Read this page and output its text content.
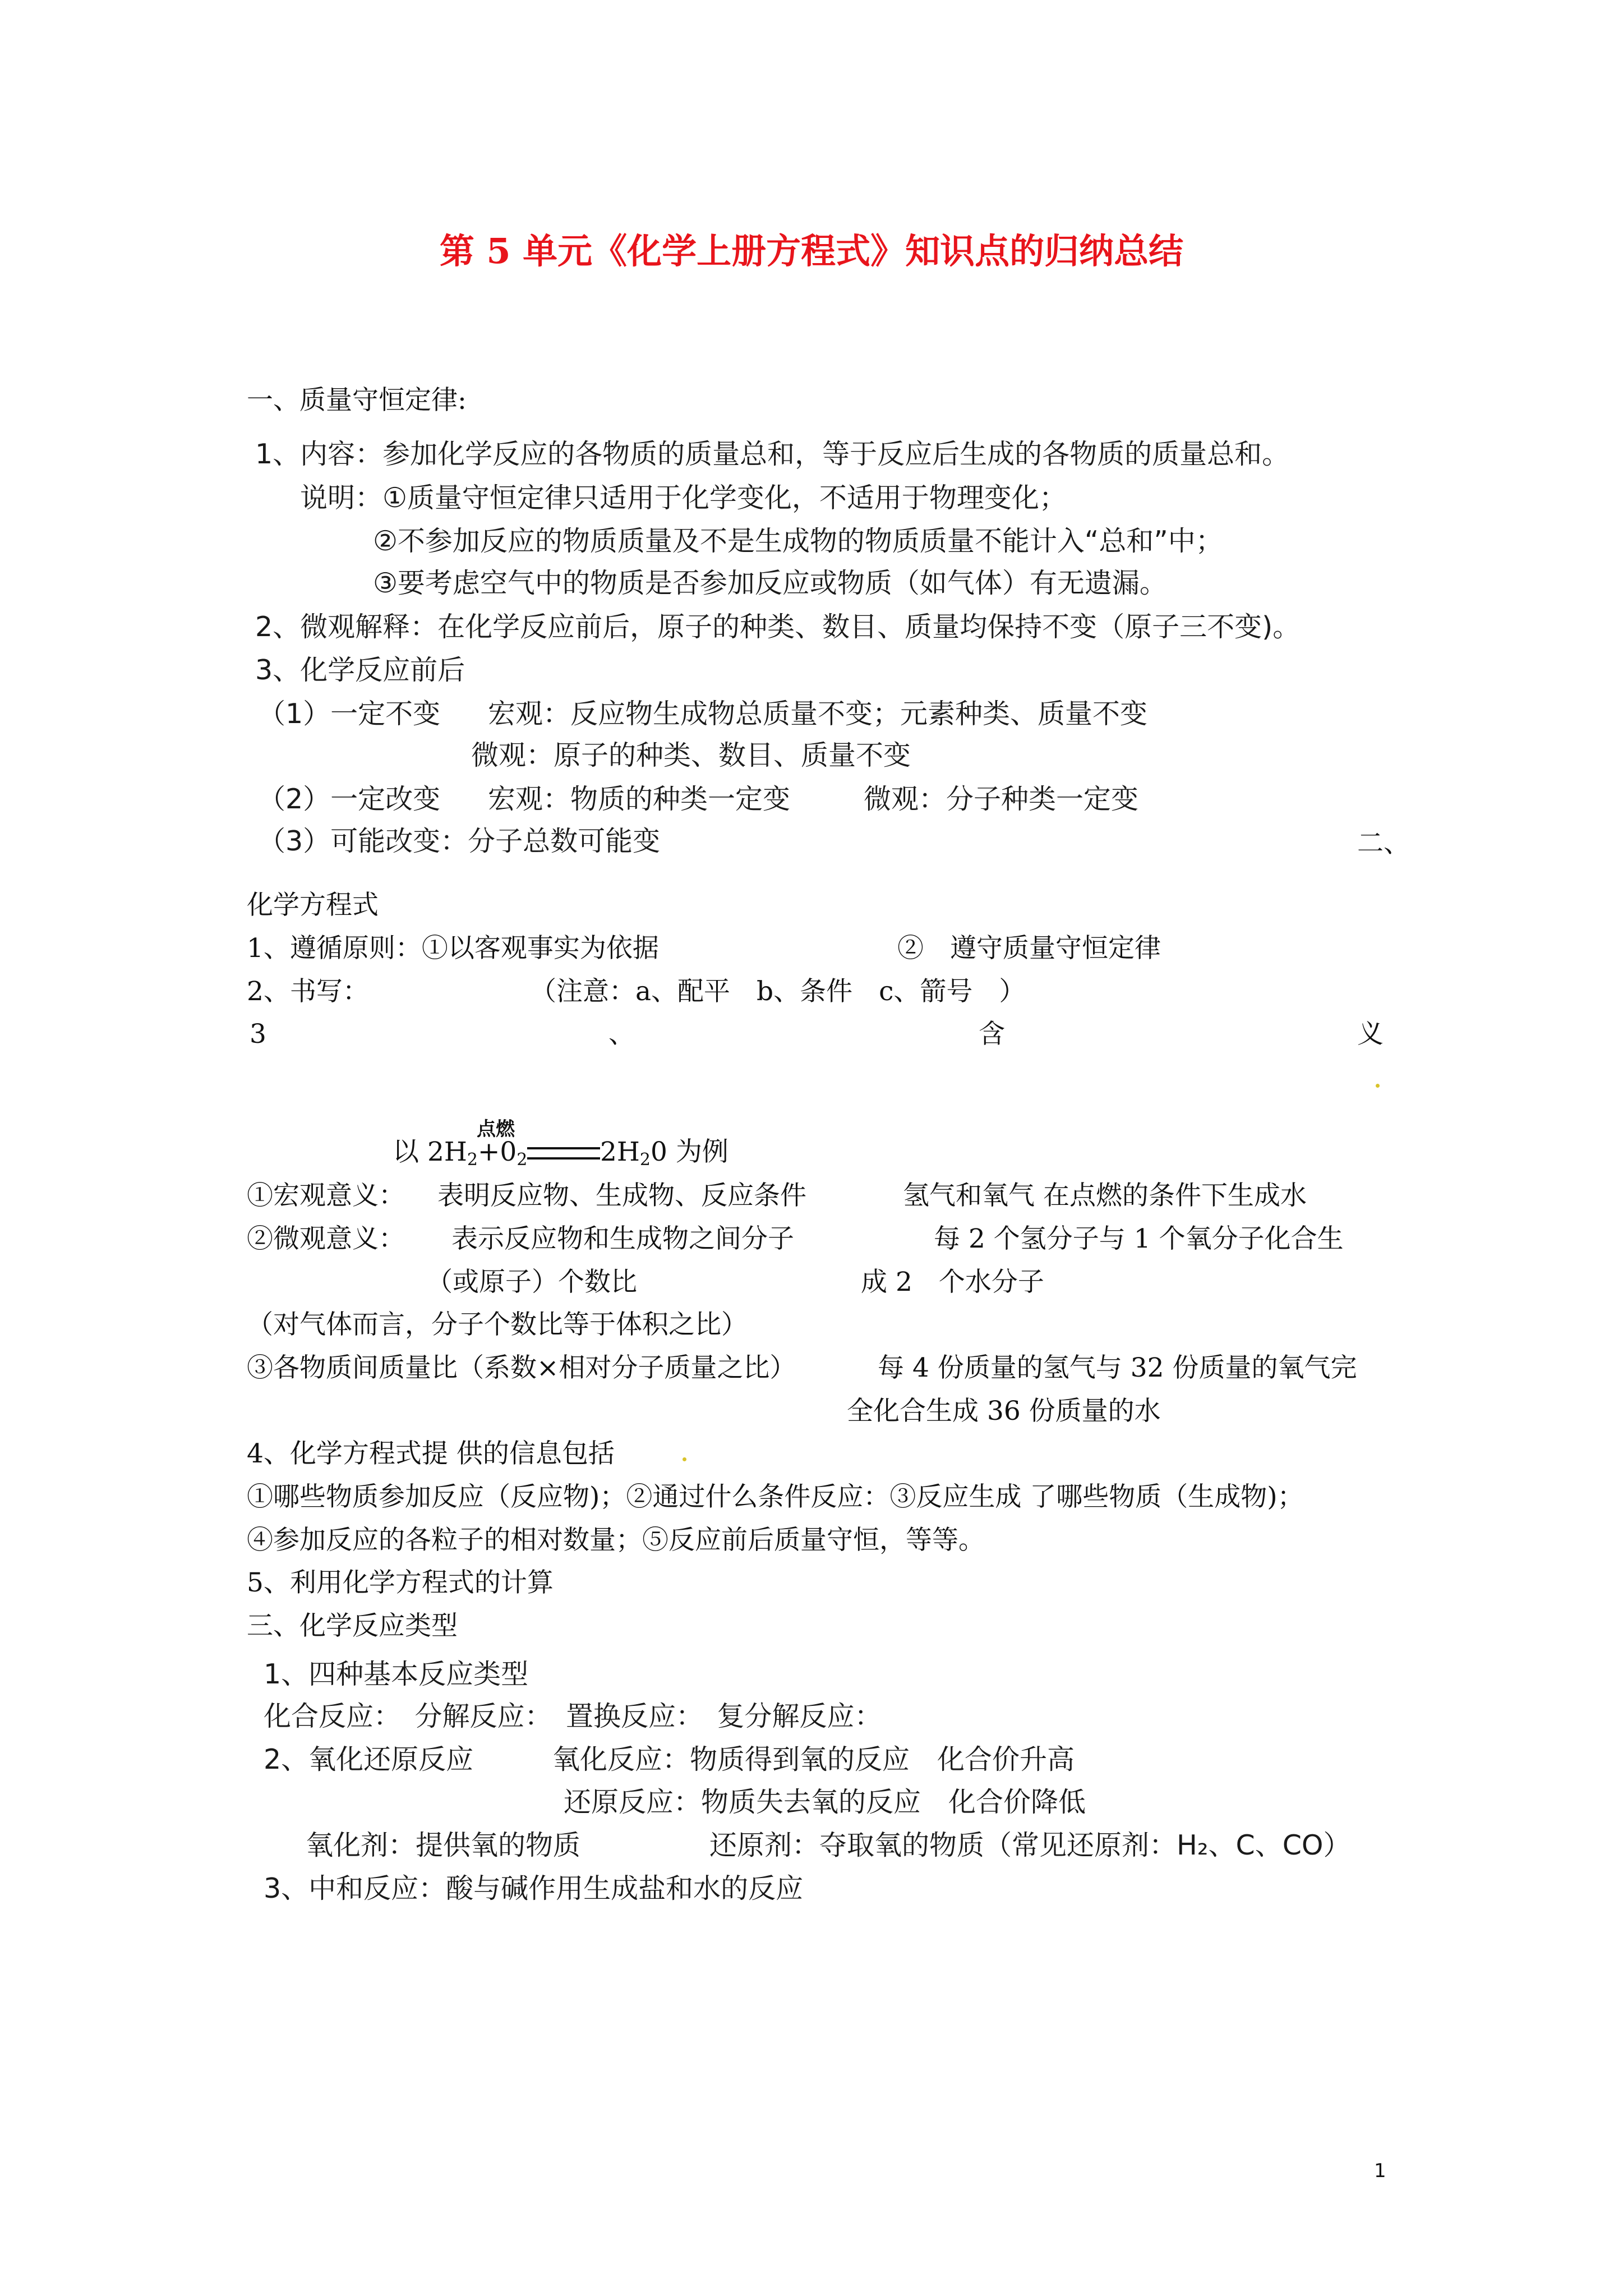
第 5 单元《化学上册方程式》知识点的归纳总结
一、质量守恒定律:
1、内容：参加化学反应的各物质的质量总和，等于反应后生成的各物质的质量总和。
说明：①质量守恒定律只适用于化学变化，不适用于物理变化；
②不参加反应的物质质量及不是生成物的物质质量不能计入“总和”中；
③要考虑空气中的物质是否参加反应或物质（如气体）有无遗漏。
2、微观解释：在化学反应前后，原子的种类、数目、质量均保持不变（原子三不变)。
3、化学反应前后
（1）一定不变 宏观：反应物生成物总质量不变；元素种类、质量不变
微观：原子的种类、数目、质量不变
（2）一定改变 宏观：物质的种类一定变	微观：分子种类一定变
（3）可能改变：分子总数可能变	二、
化学方程式
1、遵循原则：①以客观事实为依据	②　遵守质量守恒定律
2、书写：	（注意：a、配平　b、条件　c、箭号　）
3	、	含	义
点燃
以 $2H_2+0_2$	$2H_20$ 为例
①宏观意义： 表明反应物、生成物、反应条件	氢气和氧气 在点燃的条件下生成水
②微观意义： 表示反应物和生成物之间分子	每 2 个氢分子与 1 个氧分子化合生
（或原子）个数比	成 2　个水分子
（对气体而言，分子个数比等于体积之比）
③各物质间质量比（系数×相对分子质量之比）	每 4 份质量的氢气与 32 份质量的氧气完
全化合生成 36 份质量的水
4、化学方程式提 供的信息包括
①哪些物质参加反应（反应物)；②通过什么条件反应：③反应生成 了哪些物质（生成物)；
④参加反应的各粒子的相对数量；⑤反应前后质量守恒，等等。
5、利用化学方程式的计算
三、化学反应类型
1、四种基本反应类型
化合反应：　分解反应：　置换反应：　复分解反应：
2、氧化还原反应	氧化反应：物质得到氧的反应　化合价升高
还原反应：物质失去氧的反应　化合价降低
氧化剂：提供氧的物质	还原剂：夺取氧的物质（常见还原剂：H₂、C、CO）
3、中和反应：酸与碱作用生成盐和水的反应
1
